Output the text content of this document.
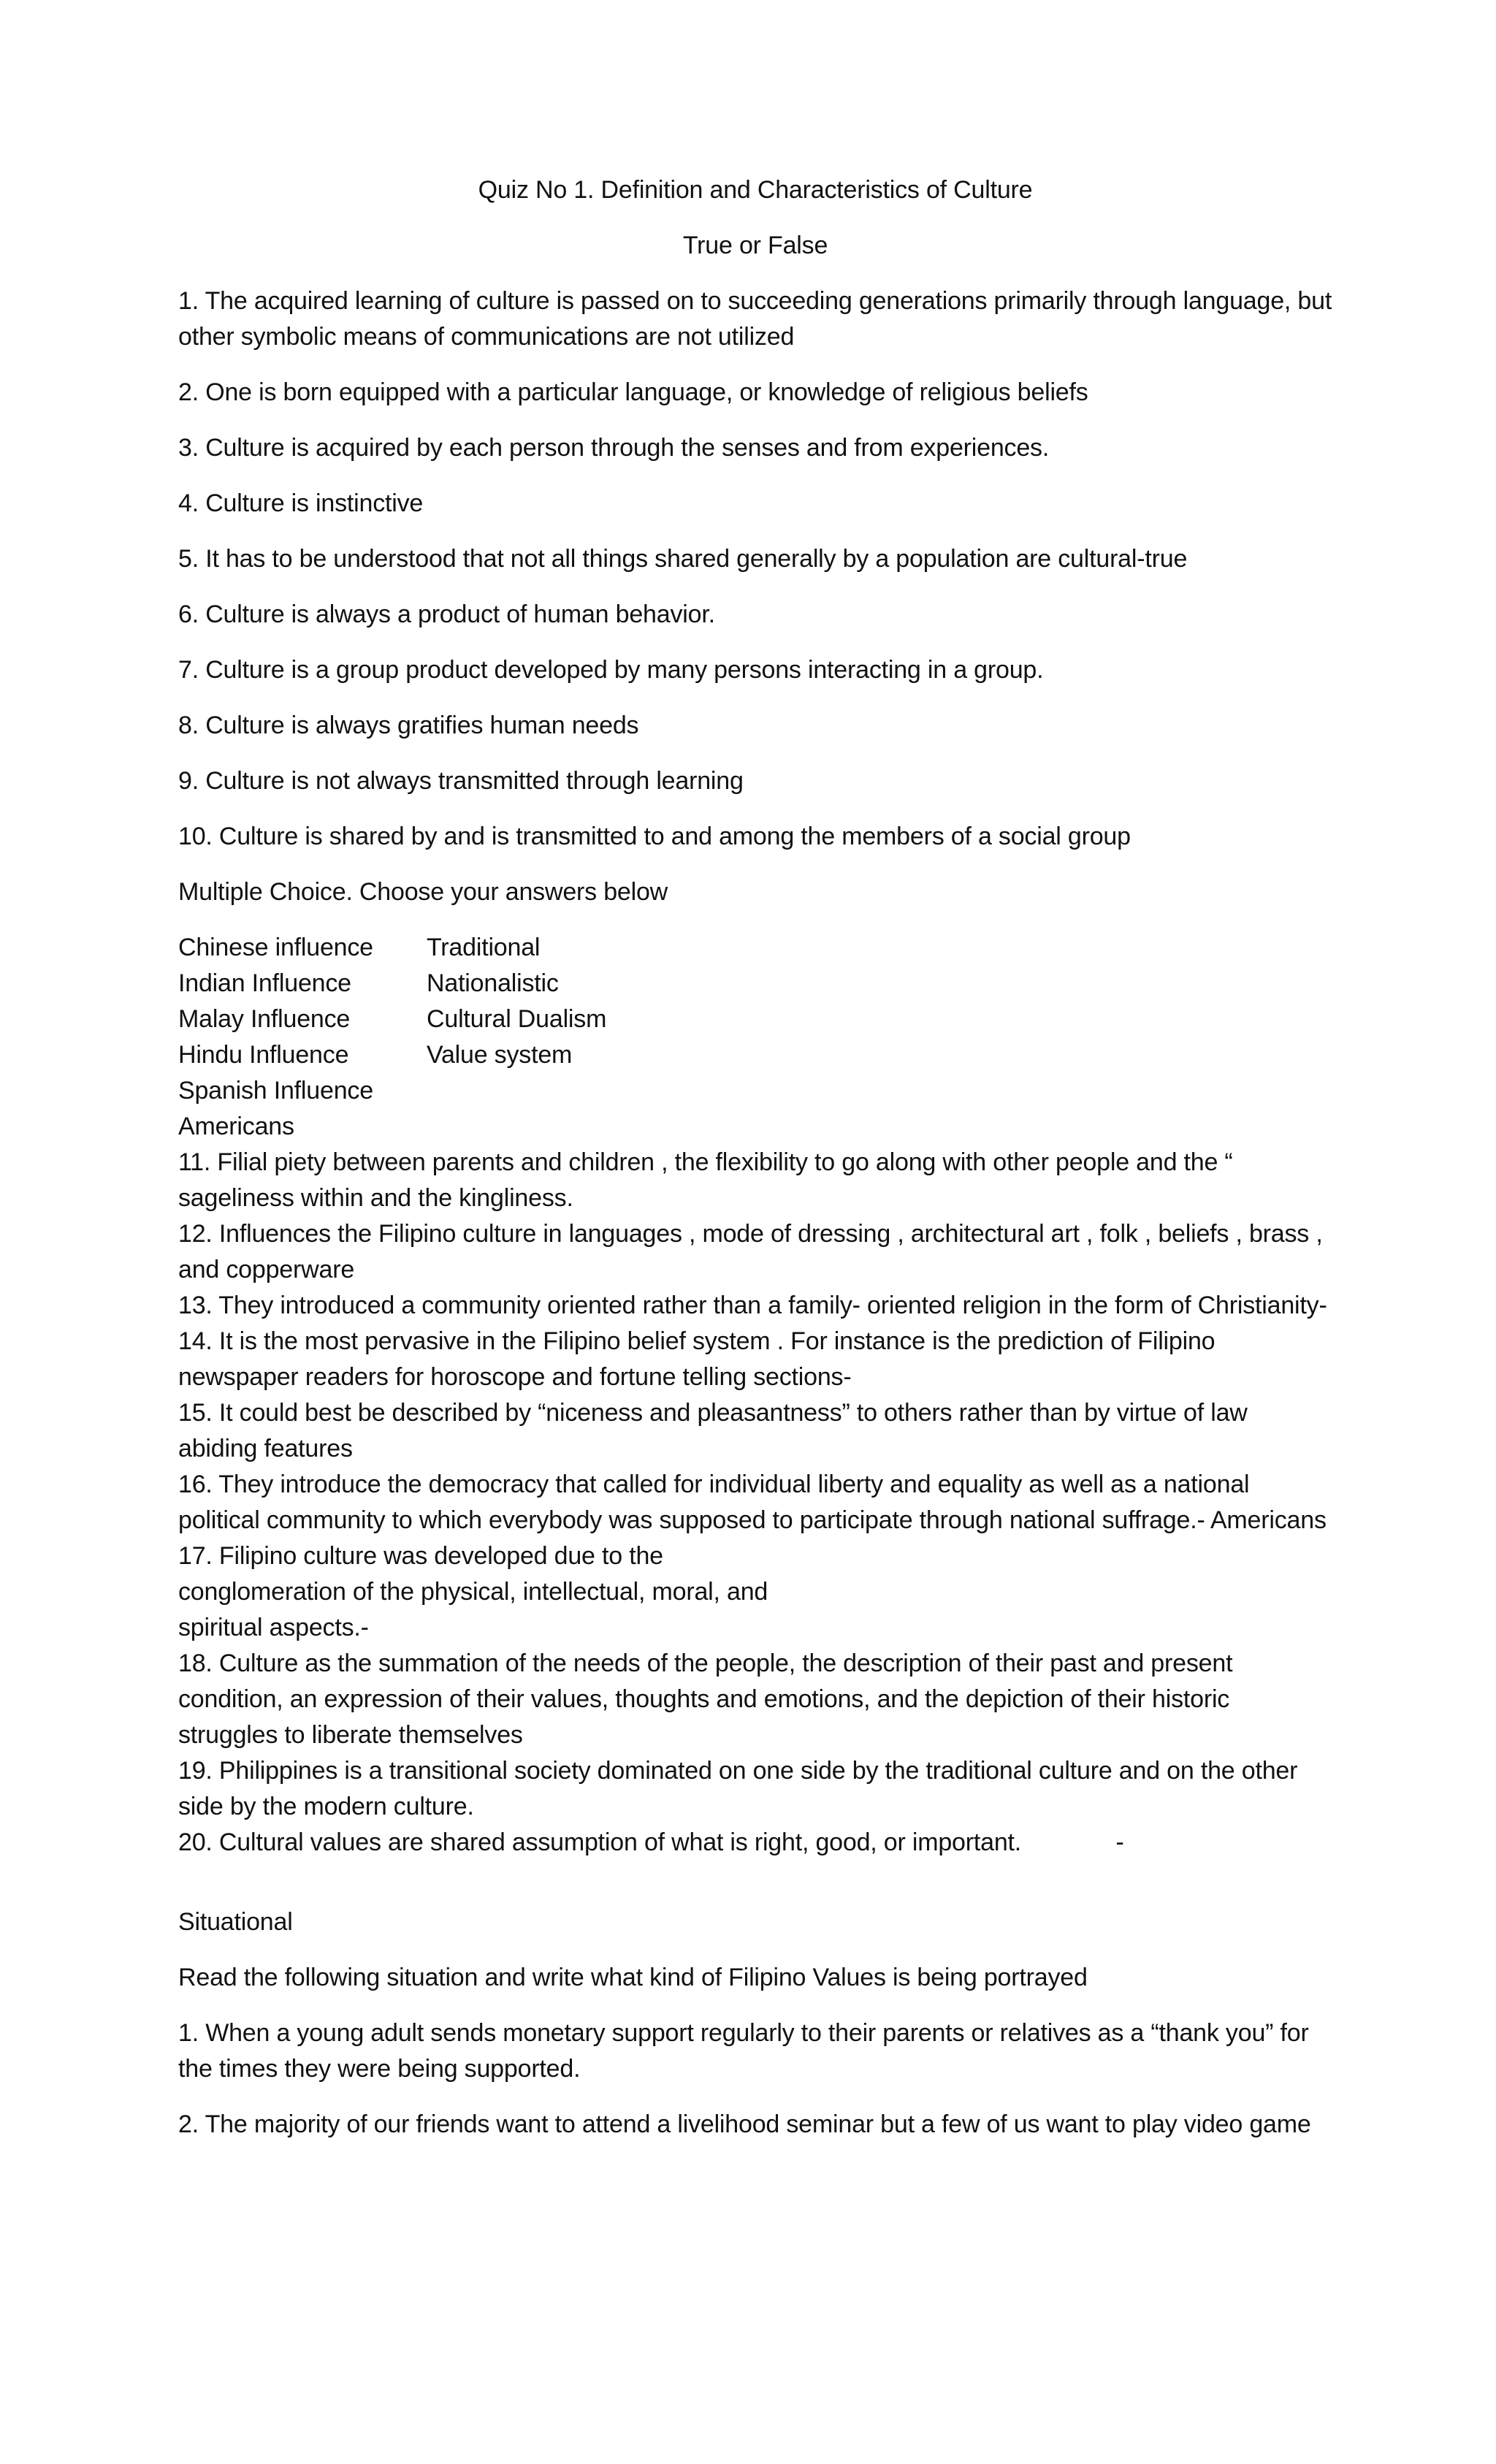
Quiz No 1. Definition and Characteristics of Culture
True or False
1. The acquired learning of culture is passed on to succeeding generations primarily through language, but other symbolic means of communications are not utilized
2. One is born equipped with a particular language, or knowledge of religious beliefs
3. Culture is acquired by each person through the senses and from experiences.
4. Culture is instinctive
5. It has to be understood that not all things shared generally by a population are cultural-true
6. Culture is always a product of human behavior.
7. Culture is a group product developed by many persons interacting in a group.
8. Culture is always gratifies human needs
9. Culture is not always transmitted through learning
10. Culture is shared by and is transmitted to and among the members of a social group
Multiple Choice. Choose your answers below
Chinese influence	Traditional
Indian Influence	Nationalistic
Malay Influence	Cultural Dualism
Hindu Influence	Value system
Spanish Influence
Americans
11. Filial piety between parents and children , the flexibility to go along with other people and the “ sageliness within and the kingliness.
12. Influences the Filipino culture in languages , mode of dressing , architectural art , folk , beliefs , brass , and copperware
13. They introduced a community oriented rather than a family- oriented religion in the form of Christianity-
14. It is the most pervasive in the Filipino belief system . For instance is the prediction of Filipino newspaper readers for horoscope and fortune telling sections-
15. It could best be described by “niceness and pleasantness” to others rather than by virtue of law abiding features
16. They introduce the democracy that called for individual liberty and equality as well as a national political community to which everybody was supposed to participate through national suffrage.- Americans
17. Filipino culture was developed due to the
conglomeration of the physical, intellectual, moral, and
spiritual aspects.-
18. Culture as the summation of the needs of the people, the description of their past and present condition, an expression of their values, thoughts and emotions, and the depiction of their historic struggles to liberate themselves
19. Philippines is a transitional society dominated on one side by the traditional culture and on the other side by the modern culture.
20. Cultural values are shared assumption of what is right, good, or important.              -
Situational
Read the following situation and write what kind of Filipino Values is being portrayed
1. When a young adult sends monetary support regularly to their parents or relatives as a “thank you” for the times they were being supported.
2. The majority of our friends want to attend a livelihood seminar but a few of us want to play video game
